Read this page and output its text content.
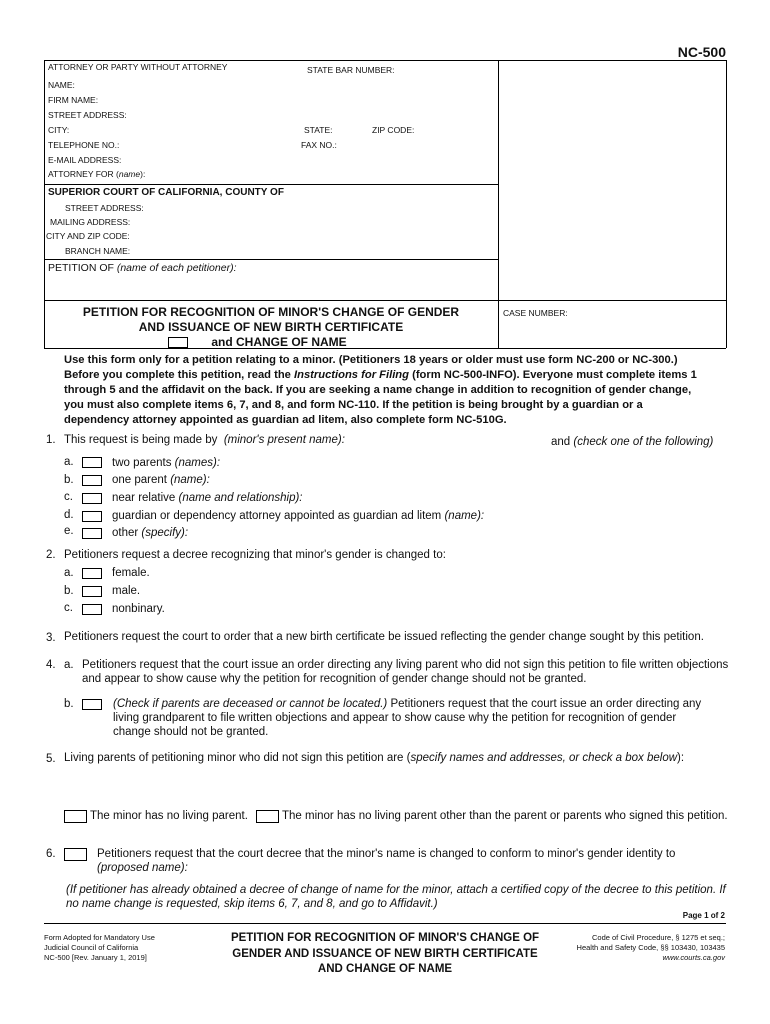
NC-500
ATTORNEY OR PARTY WITHOUT ATTORNEY	STATE BAR NUMBER:
NAME:
FIRM NAME:
STREET ADDRESS:
CITY:	STATE:	ZIP CODE:
TELEPHONE NO.:	FAX NO.:
E-MAIL ADDRESS:
ATTORNEY FOR (name):
SUPERIOR COURT OF CALIFORNIA, COUNTY OF
STREET ADDRESS:
MAILING ADDRESS:
CITY AND ZIP CODE:
BRANCH NAME:
PETITION OF (name of each petitioner):
PETITION FOR RECOGNITION OF MINOR'S CHANGE OF GENDER
AND ISSUANCE OF NEW BIRTH CERTIFICATE
and CHANGE OF NAME
CASE NUMBER:
Use this form only for a petition relating to a minor. (Petitioners 18 years or older must use form NC-200 or NC-300.)
Before you complete this petition, read the Instructions for Filing (form NC-500-INFO). Everyone must complete items 1
through 5 and the affidavit on the back. If you are seeking a name change in addition to recognition of gender change,
you must also complete items 6, 7, and 8, and form NC-110. If the petition is being brought by a guardian or a
dependency attorney appointed as guardian ad litem, also complete form NC-510G.
1. This request is being made by (minor's present name):	and (check one of the following)
a.	two parents (names):
b.	one parent (name):
c.	near relative (name and relationship):
d.	guardian or dependency attorney appointed as guardian ad litem (name):
e.	other (specify):
2. Petitioners request a decree recognizing that minor's gender is changed to:
a.	female.
b.	male.
c.	nonbinary.
3. Petitioners request the court to order that a new birth certificate be issued reflecting the gender change sought by this petition.
4. a. Petitioners request that the court issue an order directing any living parent who did not sign this petition to file written objections
and appear to show cause why the petition for recognition of gender change should not be granted.
b.	(Check if parents are deceased or cannot be located.) Petitioners request that the court issue an order directing any
living grandparent to file written objections and appear to show cause why the petition for recognition of gender
change should not be granted.
5. Living parents of petitioning minor who did not sign this petition are (specify names and addresses, or check a box below):
The minor has no living parent.	The minor has no living parent other than the parent or parents who signed this petition.
6.	Petitioners request that the court decree that the minor's name is changed to conform to minor's gender identity to
(proposed name):
(If petitioner has already obtained a decree of change of name for the minor, attach a certified copy of the decree to this petition. If
no name change is requested, skip items 6, 7, and 8, and go to Affidavit.)
Page 1 of 2
Form Adopted for Mandatory Use
Judicial Council of California
NC-500 [Rev. January 1, 2019]
PETITION FOR RECOGNITION OF MINOR'S CHANGE OF
GENDER AND ISSUANCE OF NEW BIRTH CERTIFICATE
AND CHANGE OF NAME
Code of Civil Procedure, § 1275 et seq.;
Health and Safety Code, §§ 103430, 103435
www.courts.ca.gov
